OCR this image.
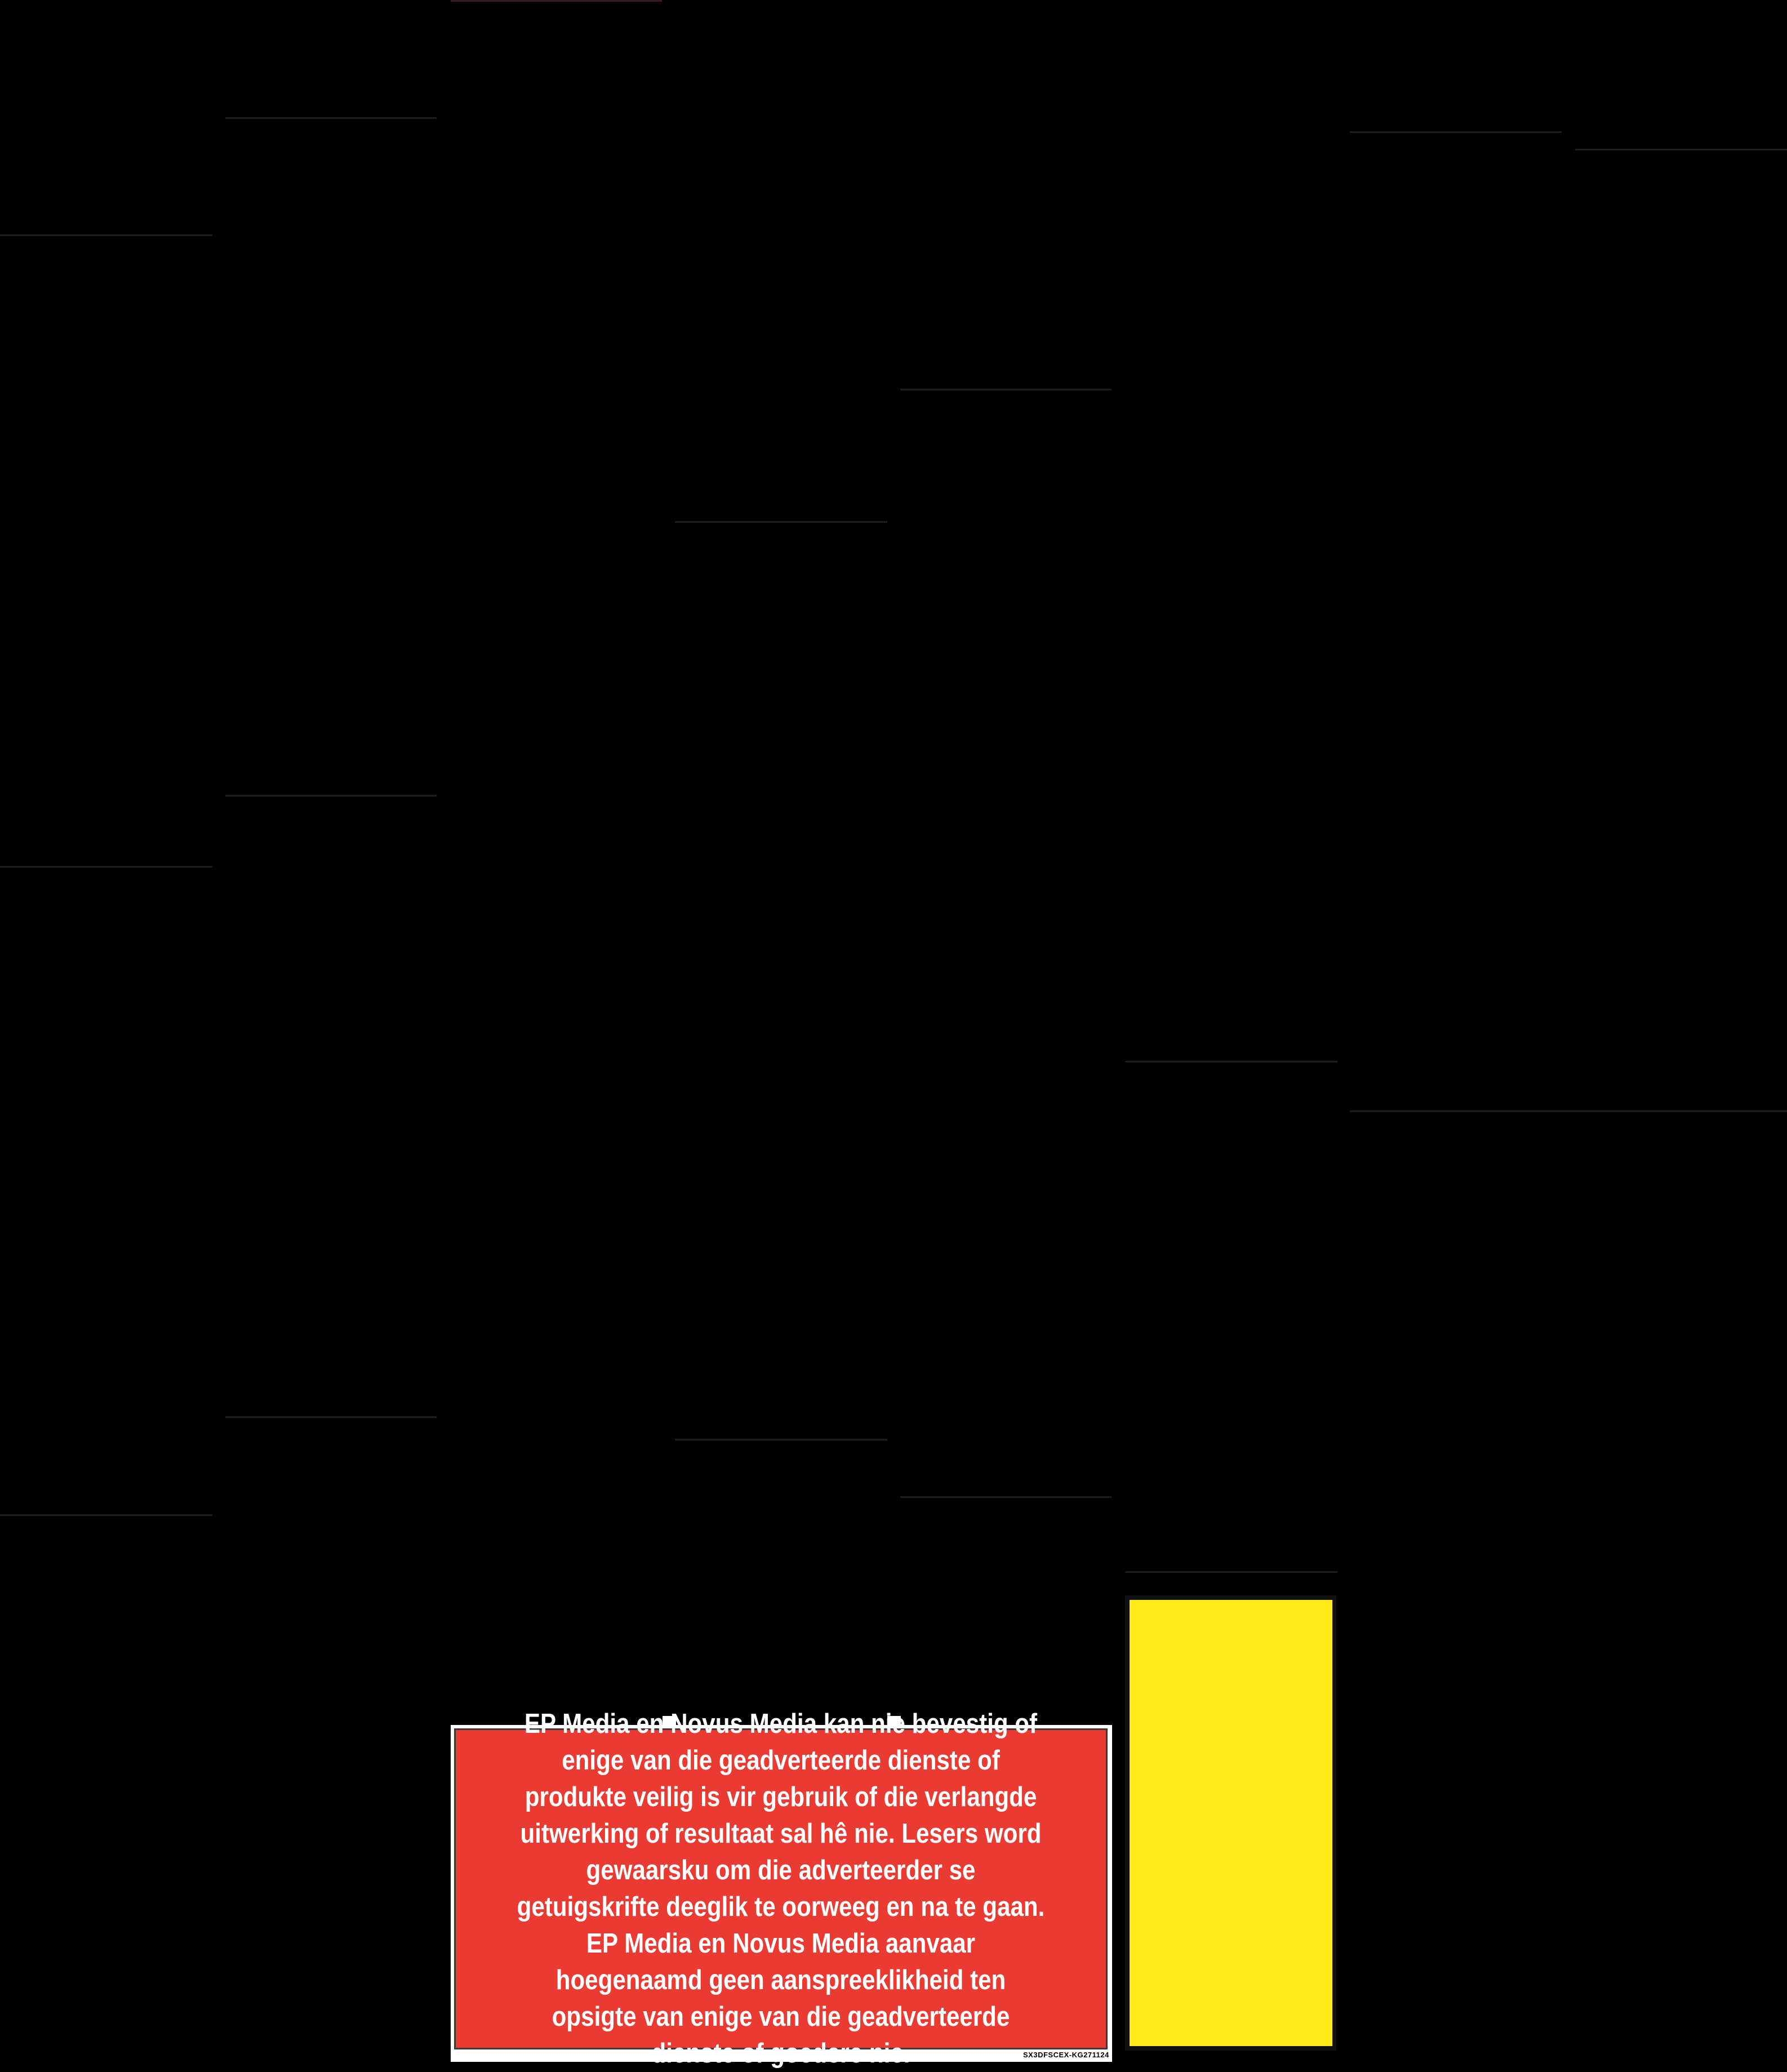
EP Media en Novus Media kan nie bevestig of enige van die geadverteerde dienste of produkte veilig is vir gebruik of die verlangde uitwerking of resultaat sal hê nie. Lesers word gewaarsku om die adverteerder se getuigskrifte deeglik te oorweeg en na te gaan. EP Media en Novus Media aanvaar hoegenaamd geen aanspreeklikheid ten opsigte van enige van die geadverteerde dienste of goedere nie.	SX3DFSCEX-KG271124
